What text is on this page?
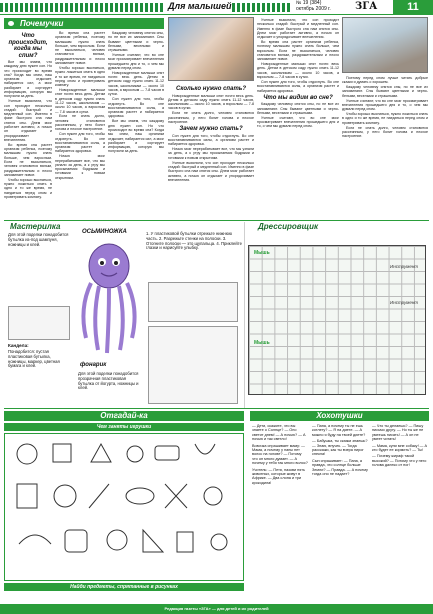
Для малышей	№ 19 (384) октябрь 2009 г.	ЗГА	11
Почемучки
Что происходит, когда мы спим?

Все мы знаем, что каждому дню нужен сон. Но что происходит во время сна? Когда мы спим, наш организм отдыхает, набирается сил, а мозг разбирает и сортирует информацию, которую мы получили за день.

Ученые выяснили, что сон проходит несколько стадий: быстрый и медленный сон. Именно в фазе быстрого сна нам снятся сны. Днем мозг работает активно, а ночью он отдыхает и упорядочивает впечатления.

Во время сна растет организм ребенка, поэтому малышам нужно спать больше, чем взрослым. Если не высыпаться, человек становится вялым, раздражительным и плохо запоминает новое.

Чтобы хорошо выспаться, нужно ложиться спать в одно и то же время, не наедаться перед сном и проветривать комнату.

Во время сна растет организм ребенка, поэтому малышам нужно спать больше, чем взрослым. Если не высыпаться, человек становится вялым, раздражительным и плохо запоминает новое.

Чтобы хорошо выспаться, нужно ложиться спать в одно и то же время, не наедаться перед сном и проветривать комнату.

Новорожденные малыши спят почти весь день. Детям в детском саду нужно спать 11-12 часов, школьникам — около 10 часов, а взрослым — 7-8 часов в сутки.

Если не спать долго, человек становится рассеянным, у него болит голова и плохое настроение.

Сон нужен для того, чтобы отдохнуть. Во сне восстанавливаются силы, а организм растет и набирается здоровья.

Ночью мозг перерабатывает все, что мы узнали за день, а к утру мы просыпаемся бодрыми и готовыми к новым открытиям.

Каждому человеку снятся сны, но не все их запоминают. Сны бывают цветными и черно-белыми, веселыми и страшными.

Ученые считают, что во сне мозг просматривает впечатления прошедшего дня и то, о чем мы думали перед сном.

Новорожденные малыши спят почти весь день. Детям в детском саду нужно спать 11-12 часов, школьникам — около 10 часов, а взрослым — 7-8 часов в сутки.

Сон нужен для того, чтобы отдохнуть. Во сне восстанавливаются силы, а организм растет и набирается здоровья.

Все мы знаем, что каждому дню нужен сон. Но что происходит во время сна? Когда мы спим, наш организм отдыхает, набирается сил, а мозг разбирает и сортирует информацию, которую мы получили за день.

Сколько нужно спать?

Новорожденные малыши спят почти весь день. Детям в детском саду нужно спать 11-12 часов, школьникам — около 10 часов, а взрослым — 7-8 часов в сутки.

Если не спать долго, человек становится рассеянным, у него болит голова и плохое настроение.

Зачем нужно спать?

Сон нужен для того, чтобы отдохнуть. Во сне восстанавливаются силы, а организм растет и набирается здоровья.

Ночью мозг перерабатывает все, что мы узнали за день, а к утру мы просыпаемся бодрыми и готовыми к новым открытиям.

Ученые выяснили, что сон проходит несколько стадий: быстрый и медленный сон. Именно в фазе быстрого сна нам снятся сны. Днем мозг работает активно, а ночью он отдыхает и упорядочивает впечатления.

Ученые выяснили, что сон проходит несколько стадий: быстрый и медленный сон. Именно в фазе быстрого сна нам снятся сны. Днем мозг работает активно, а ночью он отдыхает и упорядочивает впечатления.

Во время сна растет организм ребенка, поэтому малышам нужно спать больше, чем взрослым. Если не высыпаться, человек становится вялым, раздражительным и плохо запоминает новое.

Новорожденные малыши спят почти весь день. Детям в детском саду нужно спать 11-12 часов, школьникам — около 10 часов, а взрослым — 7-8 часов в сутки.

Сон нужен для того, чтобы отдохнуть. Во сне восстанавливаются силы, а организм растет и набирается здоровья.

Что мы видим во сне?

Каждому человеку снятся сны, но не все их запоминают. Сны бывают цветными и черно-белыми, веселыми и страшными.

Ученые считают, что во сне мозг просматривает впечатления прошедшего дня и то, о чем мы думали перед сном.

Поэтому перед сном лучше читать добрые сказки и думать о хорошем.

Каждому человеку снятся сны, но не все их запоминают. Сны бывают цветными и черно-белыми, веселыми и страшными.

Ученые считают, что во сне мозг просматривает впечатления прошедшего дня и то, о чем мы думали перед сном.

Чтобы хорошо выспаться, нужно ложиться спать в одно и то же время, не наедаться перед сном и проветривать комнату.

Если не спать долго, человек становится рассеянным, у него болит голова и плохое настроение.

Мастерилка
Для этой поделки понадобится бутылка из-под шампуня, ножницы и клей.
ОСЬМИНОЖКА	1. У пластиковой бутылки отрежьте нижнюю часть. 2. Разрежьте стенки на полоски. 3. Отогните полоски — это щупальца. 4. Приклейте глазки и нарисуйте улыбку.
Кандела:
Понадобится: пустая пластиковая бутылка, ножницы, маркер, цветная бумага и клей.	фонарик
Для этой поделки понадобится прозрачная пластиковая бутылка от йогурта, ножницы и клей.
Дрессировщик
Мышь
Мышь
Инструмент
Инструмент
Отгадай-ка
Чем заняты игрушки
Найди предметы, спрятанные в рисунках
Хохотушки

— Дети, скажите, что вы знаете о Солнце? — Оно светит днем! — А ночью? — А ночью и так светло!

Вовочка спрашивает маму: — Мама, а почему у папы нет волос на голове? — Потому что он много думает. — А почему у тебя так много волос?

Учитель: — Петя, назови пять животных, которые живут в Африке. — Два слона и три крокодила!

— Папа, а почему ты не ешь котлету? — Я на диете. — А можно я буду на твоей диете?

— Бабушка, ты сказки знаешь? — Знаю, внучек. — Тогда расскажи, как ты вчера пирог спекла!

Сын спрашивает: — Папа, а правда, что солнце больше Земли? — Правда. — А почему тогда оно не падает?

— Что ты делаешь? — Пишу письмо другу. — Но ты же не умеешь писать! — А он не умеет читать!

— Мама, купи мне собаку! — А кто будет ее кормить? — Ты!

— Почему жираф такой высокий? — Потому что у него голова далеко от ног!

Редакция газеты «ЗГА» — для детей и их родителей
